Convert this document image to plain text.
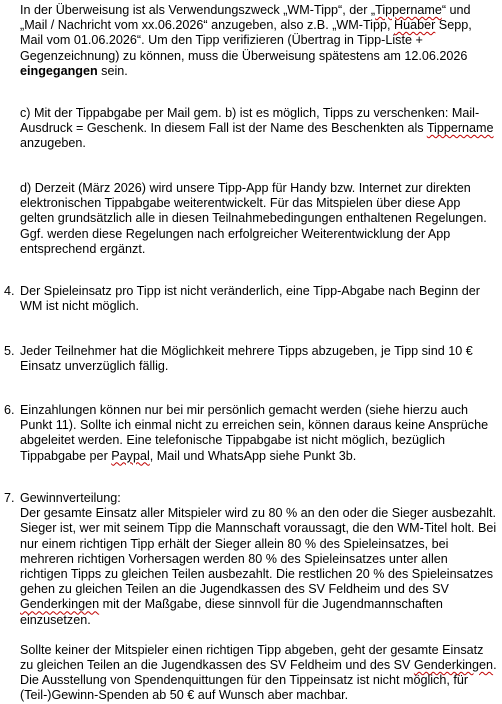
In der Überweisung ist als Verwendungszweck „WM-Tipp“, der „Tippername“ und „Mail / Nachricht vom xx.06.2026“ anzugeben, also z.B. „WM-Tipp, Huaber Sepp, Mail vom 01.06.2026“. Um den Tipp verifizieren (Übertrag in Tipp-Liste + Gegenzeichnung) zu können, muss die Überweisung spätestens am 12.06.2026 eingegangen sein.

c) Mit der Tippabgabe per Mail gem. b) ist es möglich, Tipps zu verschenken: Mail-Ausdruck = Geschenk. In diesem Fall ist der Name des Beschenkten als Tippername anzugeben.

d) Derzeit (März 2026) wird unsere Tipp-App für Handy bzw. Internet zur direkten elektronischen Tippabgabe weiterentwickelt. Für das Mitspielen über diese App gelten grundsätzlich alle in diesen Teilnahmebedingungen enthaltenen Regelungen. Ggf. werden diese Regelungen nach erfolgreicher Weiterentwicklung der App entsprechend ergänzt.

4. Der Spieleinsatz pro Tipp ist nicht veränderlich, eine Tipp-Abgabe nach Beginn der WM ist nicht möglich.

5. Jeder Teilnehmer hat die Möglichkeit mehrere Tipps abzugeben, je Tipp sind 10 € Einsatz unverzüglich fällig.

6. Einzahlungen können nur bei mir persönlich gemacht werden (siehe hierzu auch Punkt 11). Sollte ich einmal nicht zu erreichen sein, können daraus keine Ansprüche abgeleitet werden. Eine telefonische Tippabgabe ist nicht möglich, bezüglich Tippabgabe per Paypal, Mail und WhatsApp siehe Punkt 3b.

7. Gewinnverteilung:

Der gesamte Einsatz aller Mitspieler wird zu 80 % an den oder die Sieger ausbezahlt. Sieger ist, wer mit seinem Tipp die Mannschaft voraussagt, die den WM-Titel holt. Bei nur einem richtigen Tipp erhält der Sieger allein 80 % des Spieleinsatzes, bei mehreren richtigen Vorhersagen werden 80 % des Spieleinsatzes unter allen richtigen Tipps zu gleichen Teilen ausbezahlt. Die restlichen 20 % des Spieleinsatzes gehen zu gleichen Teilen an die Jugendkassen des SV Feldheim und des SV Genderkingen mit der Maßgabe, diese sinnvoll für die Jugendmannschaften einzusetzen.

Sollte keiner der Mitspieler einen richtigen Tipp abgeben, geht der gesamte Einsatz zu gleichen Teilen an die Jugendkassen des SV Feldheim und des SV Genderkingen. Die Ausstellung von Spendenquittungen für den Tippeinsatz ist nicht möglich, für (Teil-)Gewinn-Spenden ab 50 € auf Wunsch aber machbar.
